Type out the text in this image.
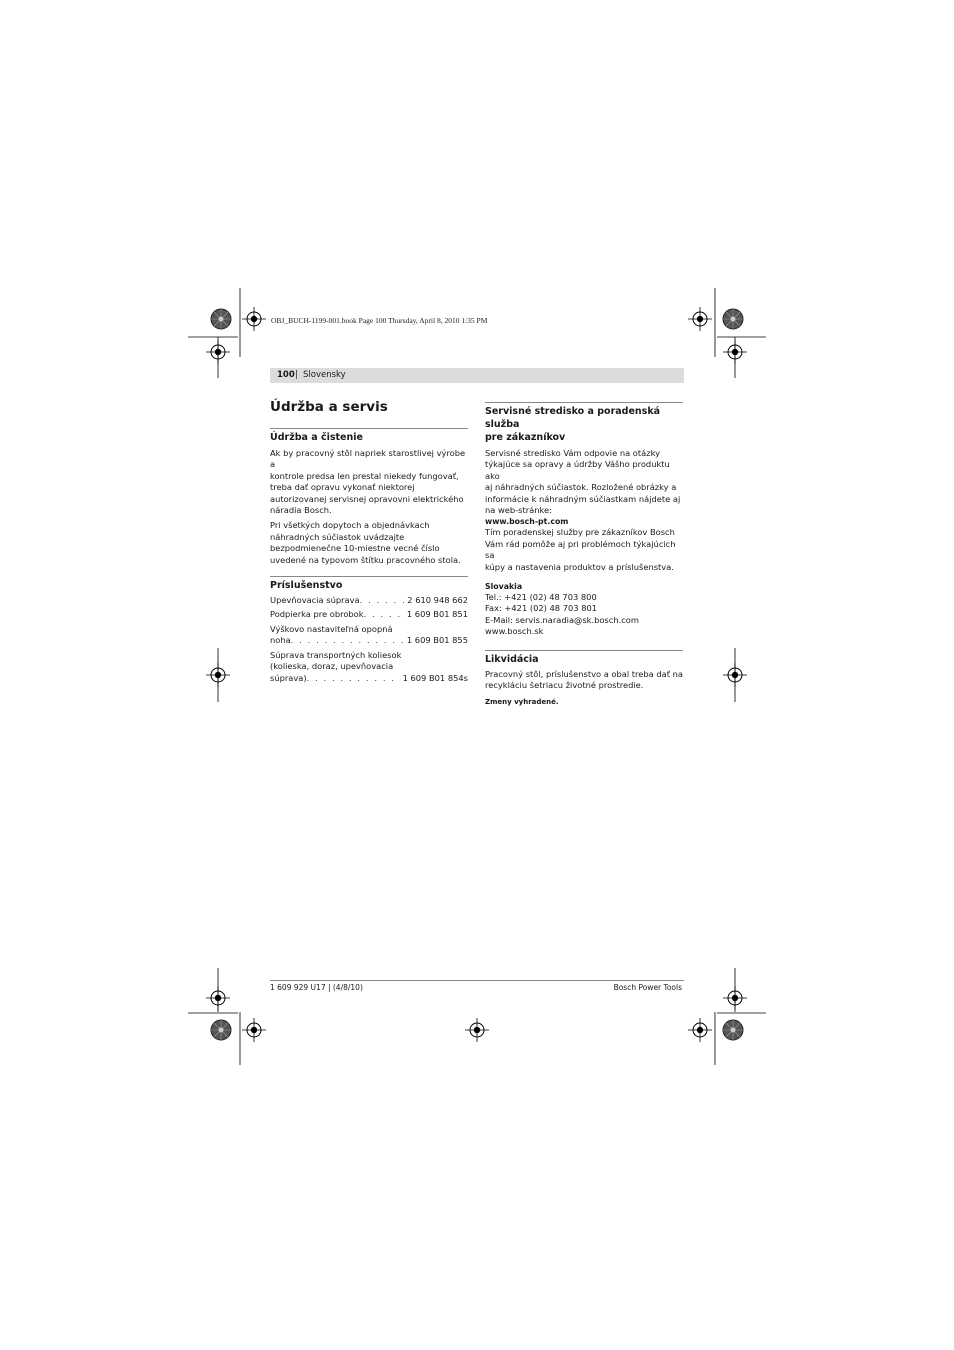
OBJ_BUCH-1199-001.book Page 100 Thursday, April 8, 2010 1:35 PM
100 | Slovensky
Údržba a servis
Údržba a čistenie
Ak by pracovný stôl napriek starostlivej výrobe a
kontrole predsa len prestal niekedy fungovať,
treba dať opravu vykonať niektorej
autorizovanej servisnej opravovni elektrického
náradia Bosch.
Pri všetkých dopytoch a objednávkach
náhradných súčiastok uvádzajte
bezpodmienečne 10-miestne vecné číslo
uvedené na typovom štítku pracovného stola.
Príslušenstvo
Upevňovacia súprava . . .	2 610 948 662
Podpierka pre obrobok . . .	1 609 B01 851
Výškovo nastaviteľná opорná
noha . . .	1 609 B01 855
Súprava transportných koliesok
(kolieska, doraz, upevňovacia
súprava) . . .	1 609 B01 854s
Servisné stredisko a poradenská služba
pre zákazníkov
Servisné stredisko Vám odpovie na otázky
týkajúce sa opravy a údržby Vášho produktu ako
aj náhradných súčiastok. Rozložené obrázky a
informácie k náhradným súčiastkam nájdete aj
na web-stránke:
www.bosch-pt.com
Tím poradenskej služby pre zákazníkov Bosch
Vám rád pomôže aj pri problémoch týkajúcich sa
kúpy a nastavenia produktov a príslušenstva.
Slovakia
Tel.: +421 (02) 48 703 800
Fax: +421 (02) 48 703 801
E-Mail: servis.naradia@sk.bosch.com
www.bosch.sk
Likvidácia
Pracovný stôl, príslušenstvo a obal treba dať na
recykláciu šetriacu životné prostredie.
Zmeny vyhradené.
1 609 929 U17 | (4/8/10)	Bosch Power Tools
